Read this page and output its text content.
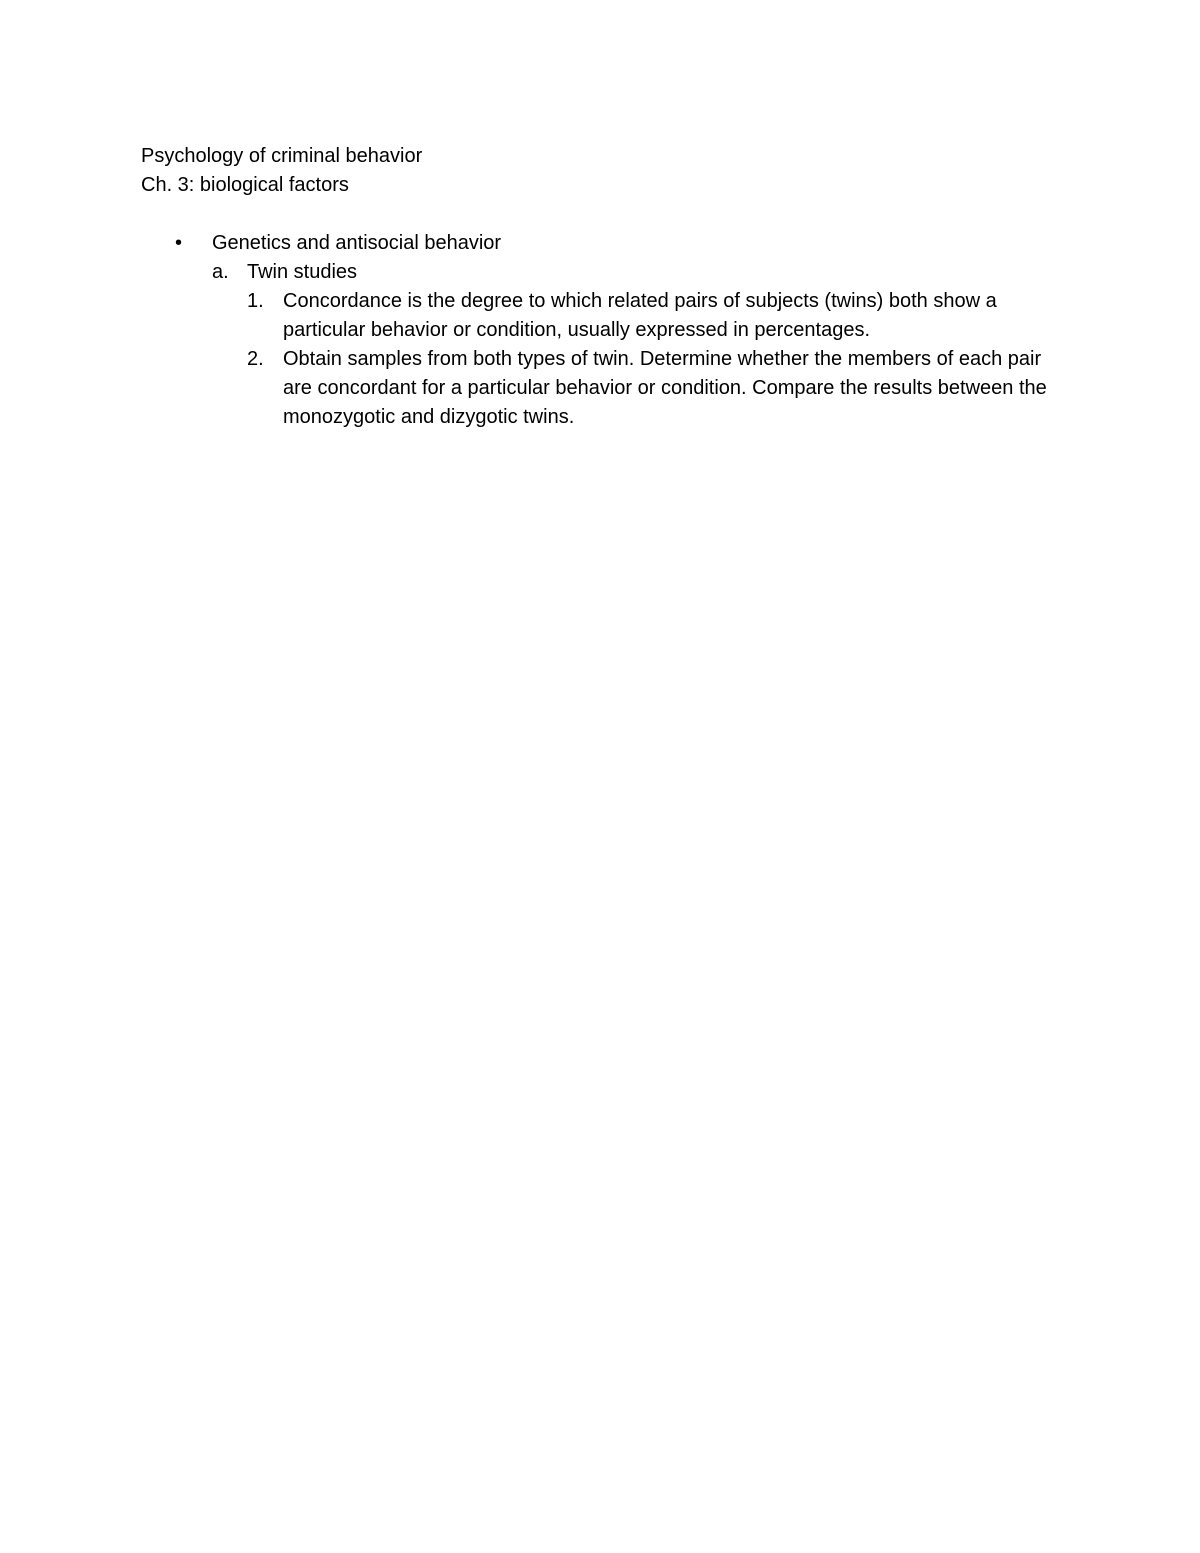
Psychology of criminal behavior
Ch. 3: biological factors
• Genetics and antisocial behavior
a. Twin studies
1. Concordance is the degree to which related pairs of subjects (twins) both show a particular behavior or condition, usually expressed in percentages.
2. Obtain samples from both types of twin. Determine whether the members of each pair are concordant for a particular behavior or condition. Compare the results between the monozygotic and dizygotic twins.
